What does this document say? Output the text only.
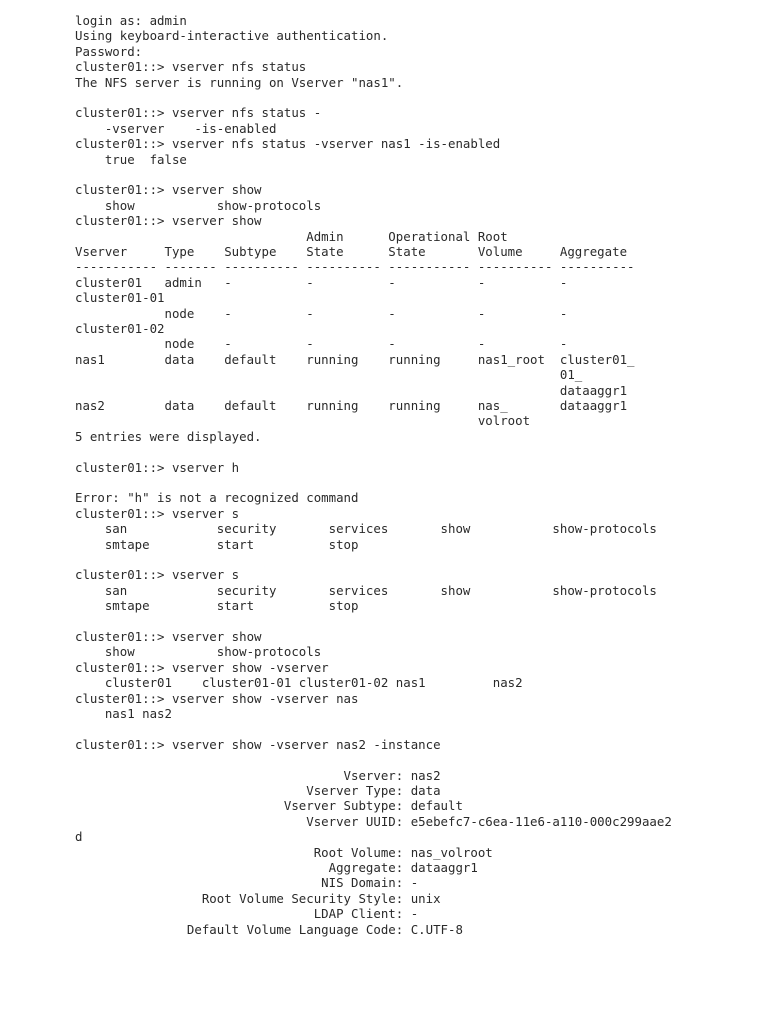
login as: admin
Using keyboard-interactive authentication.
Password:
cluster01::> vserver nfs status
The NFS server is running on Vserver "nas1".
cluster01::> vserver nfs status -
-vserver    -is-enabled
cluster01::> vserver nfs status -vserver nas1 -is-enabled
true  false
cluster01::> vserver show
show           show-protocols
cluster01::> vserver show
Admin      Operational Root
Vserver     Type    Subtype    State      State       Volume     Aggregate
----------- ------- ---------- ---------- ----------- ---------- ----------
cluster01   admin   -          -          -           -          -
cluster01-01
node    -          -          -           -          -
cluster01-02
node    -          -          -           -          -
nas1        data    default    running    running     nas1_root  cluster01_
01_
dataaggr1
nas2        data    default    running    running     nas_       dataaggr1
volroot
5 entries were displayed.
cluster01::> vserver h
Error: "h" is not a recognized command
cluster01::> vserver s
san            security       services       show           show-protocols
smtape         start          stop
cluster01::> vserver s
san            security       services       show           show-protocols
smtape         start          stop
cluster01::> vserver show
show           show-protocols
cluster01::> vserver show -vserver
cluster01    cluster01-01 cluster01-02 nas1         nas2
cluster01::> vserver show -vserver nas
nas1 nas2
cluster01::> vserver show -vserver nas2 -instance
Vserver: nas2
Vserver Type: data
Vserver Subtype: default
Vserver UUID: e5ebefc7-c6ea-11e6-a110-000c299aae2
d
Root Volume: nas_volroot
Aggregate: dataaggr1
NIS Domain: -
Root Volume Security Style: unix
LDAP Client: -
Default Volume Language Code: C.UTF-8
